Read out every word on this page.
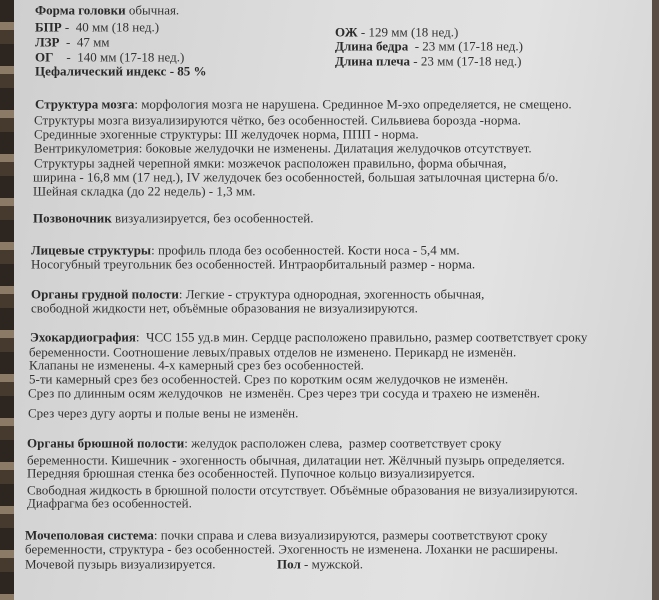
Форма головки обычная.
БПР -  40 мм (18 нед.)
ЛЗР  -  47 мм
ОГ    -  140 мм (17-18 нед.)
Цефалический индекс - 85 %
ОЖ - 129 мм (18 нед.)
Длина бедра  - 23 мм (17-18 нед.)
Длина плеча - 23 мм (17-18 нед.)
Структура мозга: морфология мозга не нарушена. Срединное М-эхо определяется, не смещено.
Структуры мозга визуализируются чётко, без особенностей. Сильвиева борозда -норма.
Срединные эхогенные структуры: III желудочек норма, ППП - норма.
Вентрикулометрия: боковые желудочки не изменены. Дилатация желудочков отсутствует.
Структуры задней черепной ямки: мозжечок расположен правильно, форма обычная,
ширина - 16,8 мм (17 нед.), IV желудочек без особенностей, большая затылочная цистерна б/о.
Шейная складка (до 22 недель) - 1,3 мм.
Позвоночник визуализируется, без особенностей.
Лицевые структуры: профиль плода без особенностей. Кости носа - 5,4 мм.
Носогубный треугольник без особенностей. Интраорбитальный размер - норма.
Органы грудной полости: Легкие - структура однородная, эхогенность обычная,
свободной жидкости нет, объёмные образования не визуализируются.
Эхокардиография:  ЧСС 155 уд.в мин. Сердце расположено правильно, размер соответствует сроку
беременности. Соотношение левых/правых отделов не изменено. Перикард не изменён.
Клапаны не изменены. 4-х камерный срез без особенностей.
5-ти камерный срез без особенностей. Срез по коротким осям желудочков не изменён.
Срез по длинным осям желудочков  не изменён. Срез через три сосуда и трахею не изменён.
Срез через дугу аорты и полые вены не изменён.
Органы брюшной полости: желудок расположен слева,  размер соответствует сроку
беременности. Кишечник - эхогенность обычная, дилатации нет. Жёлчный пузырь определяется.
Передняя брюшная стенка без особенностей. Пупочное кольцо визуализируется.
Свободная жидкость в брюшной полости отсутствует. Объёмные образования не визуализируются.
Диафрагма без особенностей.
Мочеполовая система: почки справа и слева визуализируются, размеры соответствуют сроку
беременности, структура - без особенностей. Эхогенность не изменена. Лоханки не расширены.
Мочевой пузырь визуализируется. Пол - мужской.
